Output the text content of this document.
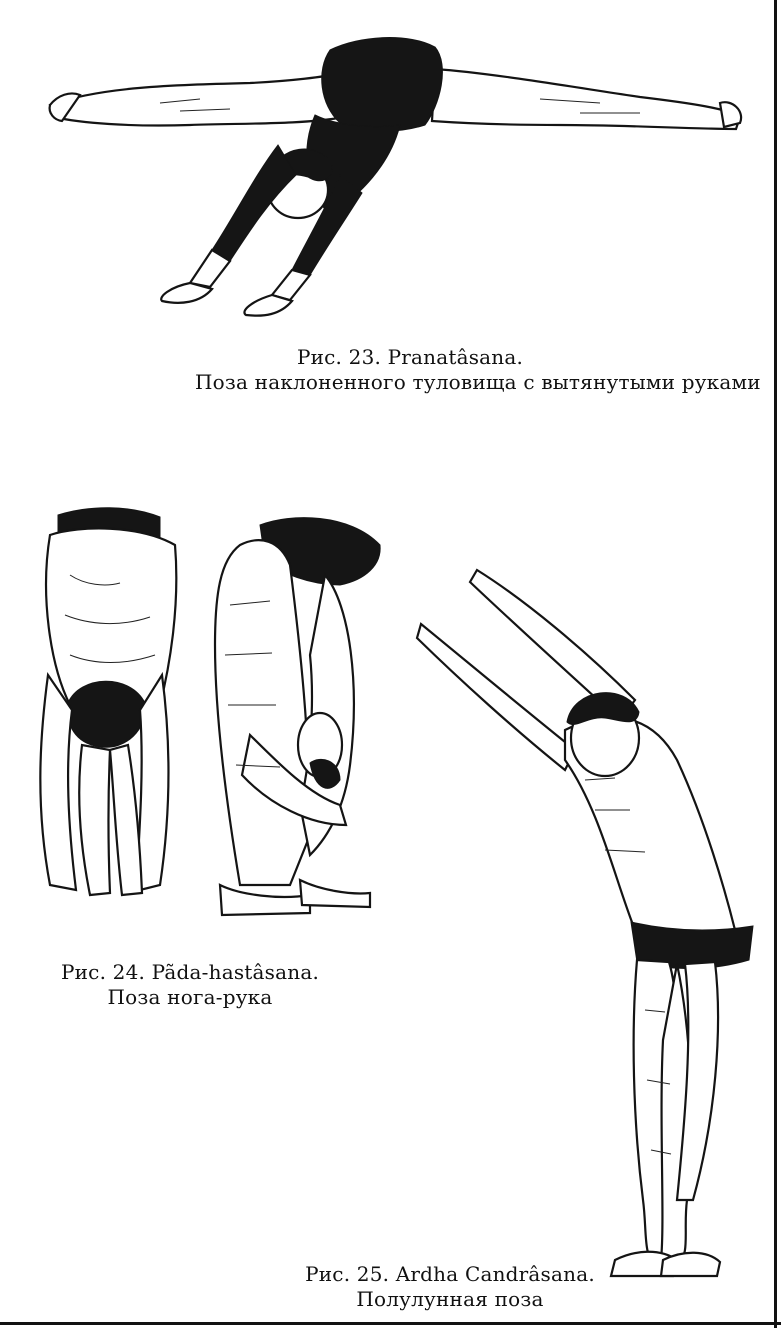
Рис. 23. Pranatâsana.
Поза наклоненного туловища с вытянутыми руками
Рис. 24. Pãda-hastâsana.
Поза нога-рука
Рис. 25. Ardha Candrâsana.
Полулунная поза
